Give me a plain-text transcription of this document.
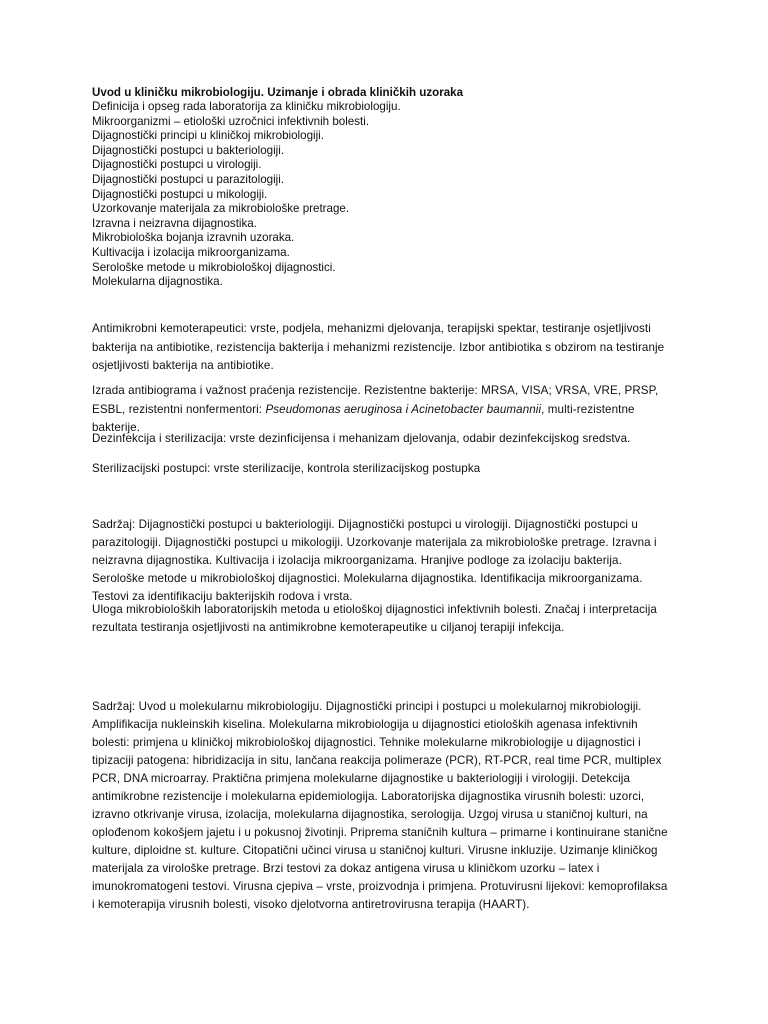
Uvod u kliničku mikrobiologiju. Uzimanje i obrada kliničkih uzoraka
Definicija i opseg rada laboratorija za kliničku mikrobiologiju.
Mikroorganizmi – etiološki uzročnici infektivnih bolesti.
Dijagnostički principi u kliničkoj mikrobiologiji.
Dijagnostički postupci u bakteriologiji.
Dijagnostički postupci u virologiji.
Dijagnostički postupci u parazitologiji.
Dijagnostički postupci u mikologiji.
Uzorkovanje materijala za mikrobiološke pretrage.
Izravna i neizravna dijagnostika.
Mikrobiološka bojanja izravnih uzoraka.
Kultivacija i izolacija mikroorganizama.
Serološke metode u mikrobiološkoj dijagnostici.
Molekularna dijagnostika.

Antimikrobni kemoterapeutici: vrste, podjela, mehanizmi djelovanja, terapijski spektar, testiranje osjetljivosti bakterija na antibiotike, rezistencija bakterija i mehanizmi rezistencije. Izbor antibiotika s obzirom na testiranje osjetljivosti bakterija na antibiotike.

Izrada antibiograma i važnost praćenja rezistencije. Rezistentne bakterije: MRSA, VISA; VRSA, VRE, PRSP, ESBL, rezistentni nonfermentori: Pseudomonas aeruginosa i Acinetobacter baumannii, multi-rezistentne bakterije.

Dezinfekcija i sterilizacija: vrste dezinficijensa i mehanizam djelovanja, odabir dezinfekcijskog sredstva.

Sterilizacijski postupci: vrste sterilizacije, kontrola sterilizacijskog postupka

Sadržaj: Dijagnostički postupci u bakteriologiji. Dijagnostički postupci u virologiji. Dijagnostički postupci u parazitologiji. Dijagnostički postupci u mikologiji. Uzorkovanje materijala za mikrobiološke pretrage. Izravna i neizravna dijagnostika. Kultivacija i izolacija mikroorganizama. Hranjive podloge za izolaciju bakterija. Serološke metode u mikrobiološkoj dijagnostici. Molekularna dijagnostika. Identifikacija mikroorganizama. Testovi za identifikaciju bakterijskih rodova i vrsta.

Uloga mikrobioloških laboratorijskih metoda u etiološkoj dijagnostici infektivnih bolesti. Značaj i interpretacija rezultata testiranja osjetljivosti na antimikrobne kemoterapeutike u ciljanoj terapiji infekcija.

Sadržaj: Uvod u molekularnu mikrobiologiju. Dijagnostički principi i postupci u molekularnoj mikrobiologiji. Amplifikacija nukleinskih kiselina. Molekularna mikrobiologija u dijagnostici etioloških agenasa infektivnih bolesti: primjena u kliničkoj mikrobiološkoj dijagnostici. Tehnike molekularne mikrobiologije u dijagnostici i tipizaciji patogena: hibridizacija in situ, lančana reakcija polimeraze (PCR), RT-PCR, real time PCR, multiplex PCR, DNA microarray. Praktična primjena molekularne dijagnostike u bakteriologiji i virologiji. Detekcija antimikrobne rezistencije i molekularna epidemiologija. Laboratorijska dijagnostika virusnih bolesti: uzorci, izravno otkrivanje virusa, izolacija, molekularna dijagnostika, serologija. Uzgoj virusa u staničnoj kulturi, na oplođenom kokošjem jajetu i u pokusnoj životinji. Priprema staničnih kultura – primarne i kontinuirane stanične kulture, diploidne st. kulture. Citopatični učinci virusa u staničnoj kulturi. Virusne inkluzije. Uzimanje kliničkog materijala za virološke pretrage. Brzi testovi za dokaz antigena virusa u kliničkom uzorku – latex i imunokromatogeni testovi. Virusna cjepiva – vrste, proizvodnja i primjena. Protuvirusni lijekovi: kemoprofilaksa i kemoterapija virusnih bolesti, visoko djelotvorna antiretrovirusna terapija (HAART).
